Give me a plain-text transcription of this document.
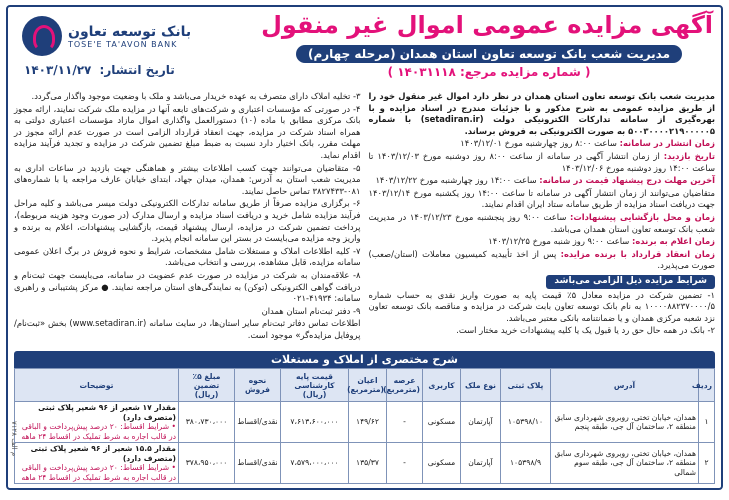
آگهی مزایده عمومی اموال غیر منقول
مدیریت شعب بانک توسعه تعاون استان همدان (مرحله چهارم)
( شماره مزایده مرجع: ۱۴۰۳۱۱۱۸ )
بانک توسعه تعاون
TOSE'E TA'AVON BANK
تاریخ انتشار: ۱۴۰۳/۱۱/۲۷

مدیریت شعب بانک توسعه تعاون استان همدان در نظر دارد اموال غیر منقول خود را از طریق مزایده عمومی به شرح مذکور و با جزئیات مندرج در اسناد مزایده و با بهره‌گیری از سامانه تدارکات الکترونیکی دولت (setadiran.ir) با شماره ۵۰۰۳۰۰۰۰۲۱۹۰۰۰۰۰۵ به صورت الکترونیکی به فروش برساند.

زمان انتشار در سامانه: ساعت ۸:۰۰ روز چهارشنبه مورخ ۱۴۰۳/۱۲/۰۱

تاریخ بازدید: از زمان انتشار آگهی در سامانه از ساعت ۸:۰۰ روز دوشنبه مورخ ۱۴۰۳/۱۲/۰۳ تا ساعت ۱۴:۰۰ روز دوشنبه مورخ ۱۴۰۳/۱۲/۰۶

آخرین مهلت درج پیشنهاد قیمت در سامانه: ساعت ۱۴:۰۰ روز چهارشنبه مورخ ۱۴۰۳/۱۲/۲۲

متقاضیان می‌توانند از زمان انتشار آگهی در سامانه تا ساعت ۱۴:۰۰ روز یکشنبه مورخ ۱۴۰۳/۱۲/۱۴ جهت دریافت اسناد مزایده از طریق سامانه ستاد ایران اقدام نمایند.

زمان و محل بازگشایی پیشنهادات: ساعت ۹:۰۰ روز پنجشنبه مورخ ۱۴۰۳/۱۲/۲۳ در مدیریت شعب بانک توسعه تعاون استان همدان می‌باشد.

زمان اعلام به برنده: ساعت ۹:۰۰ روز شنبه مورخ ۱۴۰۳/۱۲/۲۵

زمان انعقاد قرارداد با برنده مزایده: پس از اخذ تأییدیه کمیسیون معاملات (استان/صعب) صورت می‌پذیرد.

شرایط مزایده ذیل الزامی می‌باشد

۱- تضمین شرکت در مزایده معادل ۵٪ قیمت پایه به صورت واریز نقدی به حساب شماره ۱۰۰۰۰۸۸۲۳۷۰۰۰۰/۵ به نام بانک توسعه تعاون بابت شرکت در مزایده و مناقصه بانک توسعه تعاون نزد شعبه مرکزی همدان و یا ضمانتنامه بانکی معتبر می‌باشد.

۲- بانک در همه حال حق رد یا قبول یک یا کلیه پیشنهادات خرید مختار است.

۳- تخلیه املاک دارای متصرف به عهده خریدار می‌باشد و ملک با وضعیت موجود واگذار می‌گردد.

۴- در صورتی که مؤسسات اعتباری و شرکت‌های تابعه آنها در مزایده ملک شرکت نمایند، ارائه مجوز بانک مرکزی مطابق با ماده (۱۰) دستورالعمل واگذاری اموال مازاد مؤسسات اعتباری دولتی به همراه اسناد شرکت در مزایده، جهت انعقاد قرارداد الزامی است در صورت عدم ارائه مجوز در مهلت مقرر، بانک اختیار دارد نسبت به ضبط مبلغ تضمین شرکت در مزایده و تجدید فرآیند مزایده اقدام نماید.

۵- متقاضیان می‌توانند جهت کسب اطلاعات بیشتر و هماهنگی جهت بازدید در ساعات اداری به مدیریت شعب استان به آدرس: همدان، میدان جهاد، ابتدای خیابان عارف مراجعه یا با شماره‌های ۰۸۱-۳۸۲۷۴۳۳ تماس حاصل نمایند.

۶- برگزاری مزایده صرفاً از طریق سامانه تدارکات الکترونیکی دولت میسر می‌باشد و کلیه مراحل فرآیند مزایده شامل خرید و دریافت اسناد مزایده و ارسال مدارک (در صورت وجود هزینه مربوطه)، پرداخت تضمین شرکت در مزایده، ارسال پیشنهاد قیمت، بازگشایی پیشنهادات، اعلام به برنده و واریز وجه مزایده می‌بایست در بستر این سامانه انجام پذیرد.

۷- کلیه اطلاعات املاک و مستغلات شامل مشخصات، شرایط و نحوه فروش در برگ اعلان عمومی سامانه مزایده، قابل مشاهده، بررسی و انتخاب می‌باشد.

۸- علاقه‌مندان به شرکت در مزایده در صورت عدم عضویت در سامانه، می‌بایست جهت ثبت‌نام و دریافت گواهی الکترونیکی (توکن) به نمایندگی‌های استان مراجعه نمایند. ● مرکز پشتیبانی و راهبری سامانه: ۴۱۹۳۴-۰۲۱

۹- دفتر ثبت‌نام استان همدان

اطلاعات تماس دفاتر ثبت‌نام سایر استان‌ها، در سایت سامانه (www.setadiran.ir) بخش «ثبت‌نام/پروفایل مزایده‌گر» موجود است.

شرح مختصری از املاک و مستغلات
ردیف	آدرس	پلاک ثبتی	نوع ملک	کاربری	عرصه (مترمربع)	اعیان (مترمربع)	قیمت پایه کارشناسی (ریال)	نحوه فروش	مبلغ ۵٪ تضمین (ریال)	توضیحات
۱	همدان، خیابان تختی، روبروی شهرداری سابق منطقه ۲، ساختمان آل جی، طبقه پنجم	۱۰۵۳۹۸/۱۰	آپارتمان	مسکونی	-	۱۴۹/۶۲	۷،۶۱۳،۶۰۰،۰۰۰	نقدی/اقساط	۳۸۰،۷۳۰،۰۰۰	مقدار ۱۷ شعیر از ۹۶ شعیر پلاک ثبتی (متصرف دارد)
• شرایط اقساط: ۲۰ درصد پیش‌پرداخت و الباقی در قالب اجاره به شرط تملیک در اقساط ۲۴ ماهه

۲	همدان، خیابان تختی، روبروی شهرداری سابق منطقه ۲، ساختمان آل جی، طبقه سوم شمالی	۱۰۵۳۹۸/۹	آپارتمان	مسکونی	-	۱۳۵/۳۷	۷،۵۷۹،۰۰۰،۰۰۰	نقدی/اقساط	۳۷۸،۹۵۰،۰۰۰	مقدار ۱۵.۵ شعیر از ۹۶ شعیر پلاک ثبتی (متصرف دارد)
• شرایط اقساط: ۲۰ درصد پیش‌پرداخت و الباقی در قالب اجاره به شرط تملیک در اقساط ۲۴ ماهه
م الف ۷۱۲۸
